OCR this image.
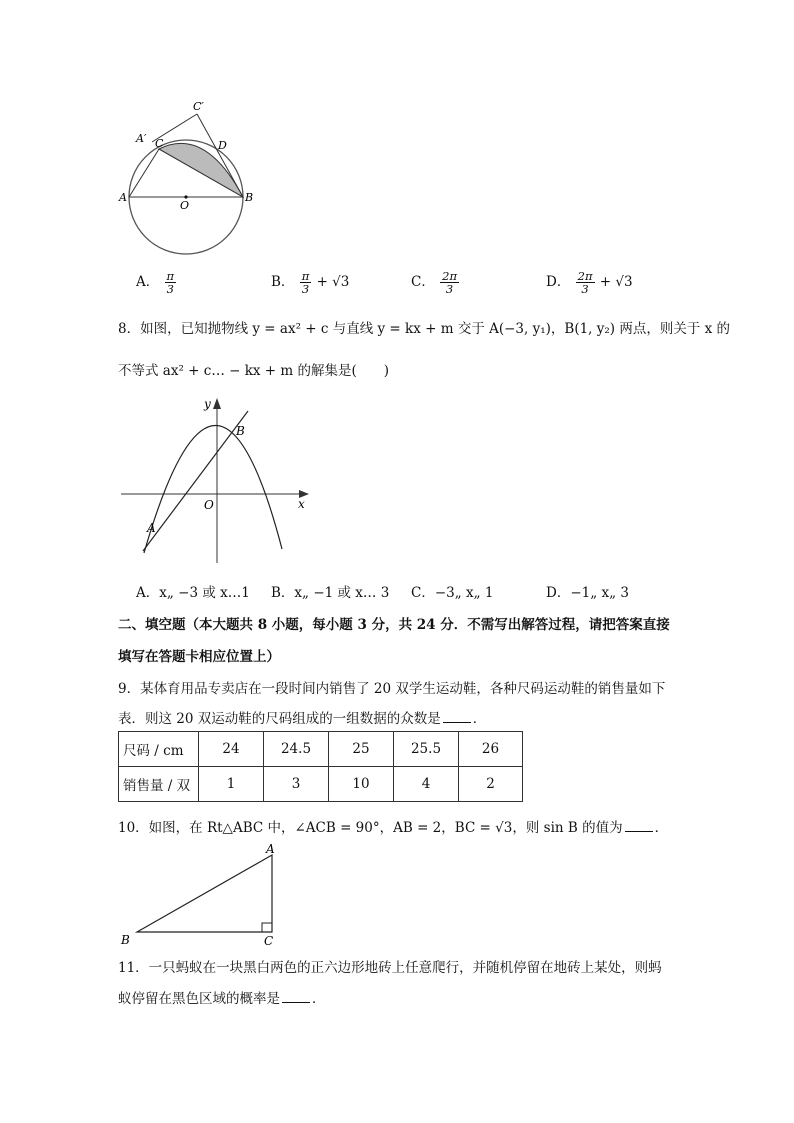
C′
A′ C	D
A
O
B
A． $\frac{\pi}{3}$	B． $\frac{\pi}{3} + √3$	C． $\frac{2\pi}{3}$	D． $\frac{2\pi}{3} + √3$
8．如图，已知抛物线 y = ax² + c 与直线 y = kx + m 交于 A(−3, y₁)，B(1, y₂) 两点，则关于 x 的
不等式 ax² + c… − kx + m 的解集是(　　)
y
x
O
A
B
A．x„ −3 或 x…1 B．x„ −1 或 x… 3 C．−3„ x„ 1	D．−1„ x„ 3
二、填空题（本大题共 8 小题，每小题 3 分，共 24 分．不需写出解答过程，请把答案直接
填写在答题卡相应位置上）
9．某体育用品专卖店在一段时间内销售了 20 双学生运动鞋，各种尺码运动鞋的销售量如下
表．则这 20 双运动鞋的尺码组成的一组数据的众数是 ．
尺码 / cm	24	24.5	25	25.5	26
销售量 / 双	1	3	10	4	2
10．如图，在 Rt△ABC 中，∠ACB = 90°，AB = 2，BC = √3，则 sin B 的值为 ．
A
B	C
11．一只蚂蚁在一块黑白两色的正六边形地砖上任意爬行，并随机停留在地砖上某处，则蚂
蚁停留在黑色区域的概率是 ．
